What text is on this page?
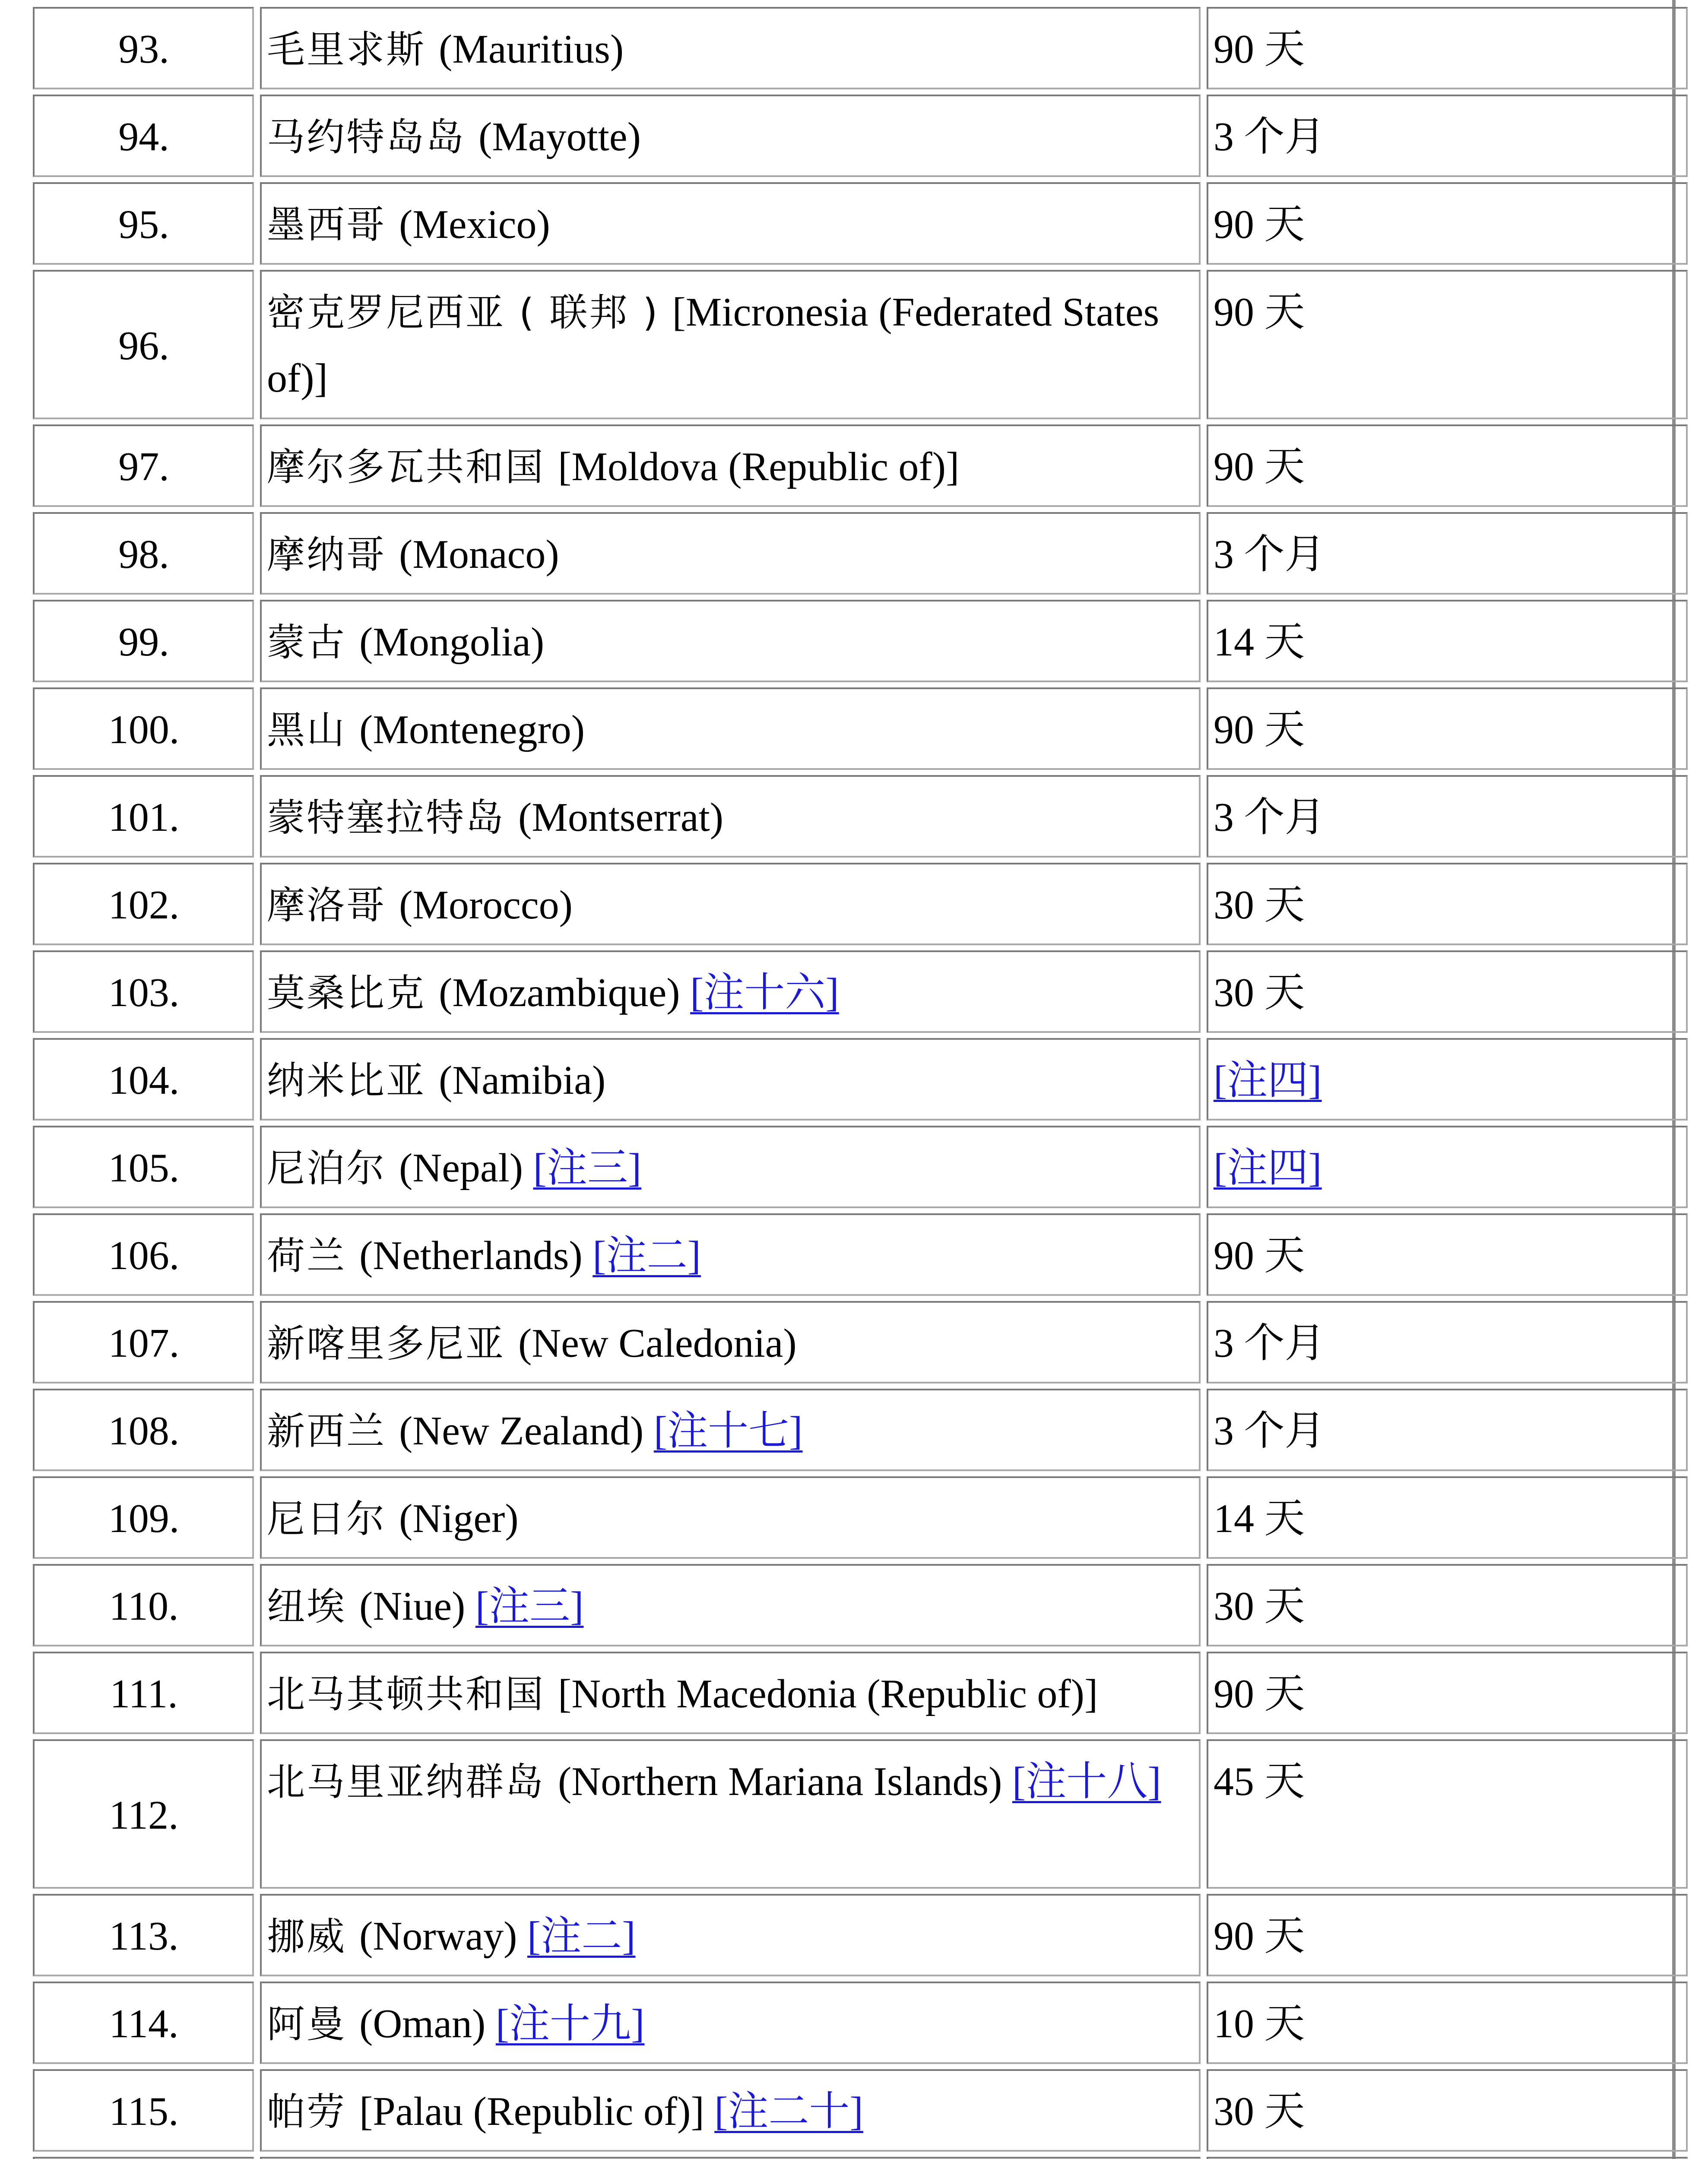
93.	毛里求斯 (Mauritius)	90 天
94.	马约特岛岛 (Mayotte)	3 个月
95.	墨西哥 (Mexico)	90 天
96.	密克罗尼西亚 ( 联邦 ) [Micronesia (Federated States of)]	90 天
97.	摩尔多瓦共和国 [Moldova (Republic of)]	90 天
98.	摩纳哥 (Monaco)	3 个月
99.	蒙古 (Mongolia)	14 天
100.	黑山 (Montenegro)	90 天
101.	蒙特塞拉特岛 (Montserrat)	3 个月
102.	摩洛哥 (Morocco)	30 天
103.	莫桑比克 (Mozambique) [注十六]	30 天
104.	纳米比亚 (Namibia)	[注四]
105.	尼泊尔 (Nepal) [注三]	[注四]
106.	荷兰 (Netherlands) [注二]	90 天
107.	新喀里多尼亚 (New Caledonia)	3 个月
108.	新西兰 (New Zealand) [注十七]	3 个月
109.	尼日尔 (Niger)	14 天
110.	纽埃 (Niue) [注三]	30 天
111.	北马其顿共和国 [North Macedonia (Republic of)]	90 天
112.	北马里亚纳群岛 (Northern Mariana Islands) [注十八]	45 天
113.	挪威 (Norway) [注二]	90 天
114.	阿曼 (Oman) [注十九]	10 天
115.	帕劳 [Palau (Republic of)] [注二十]	30 天
